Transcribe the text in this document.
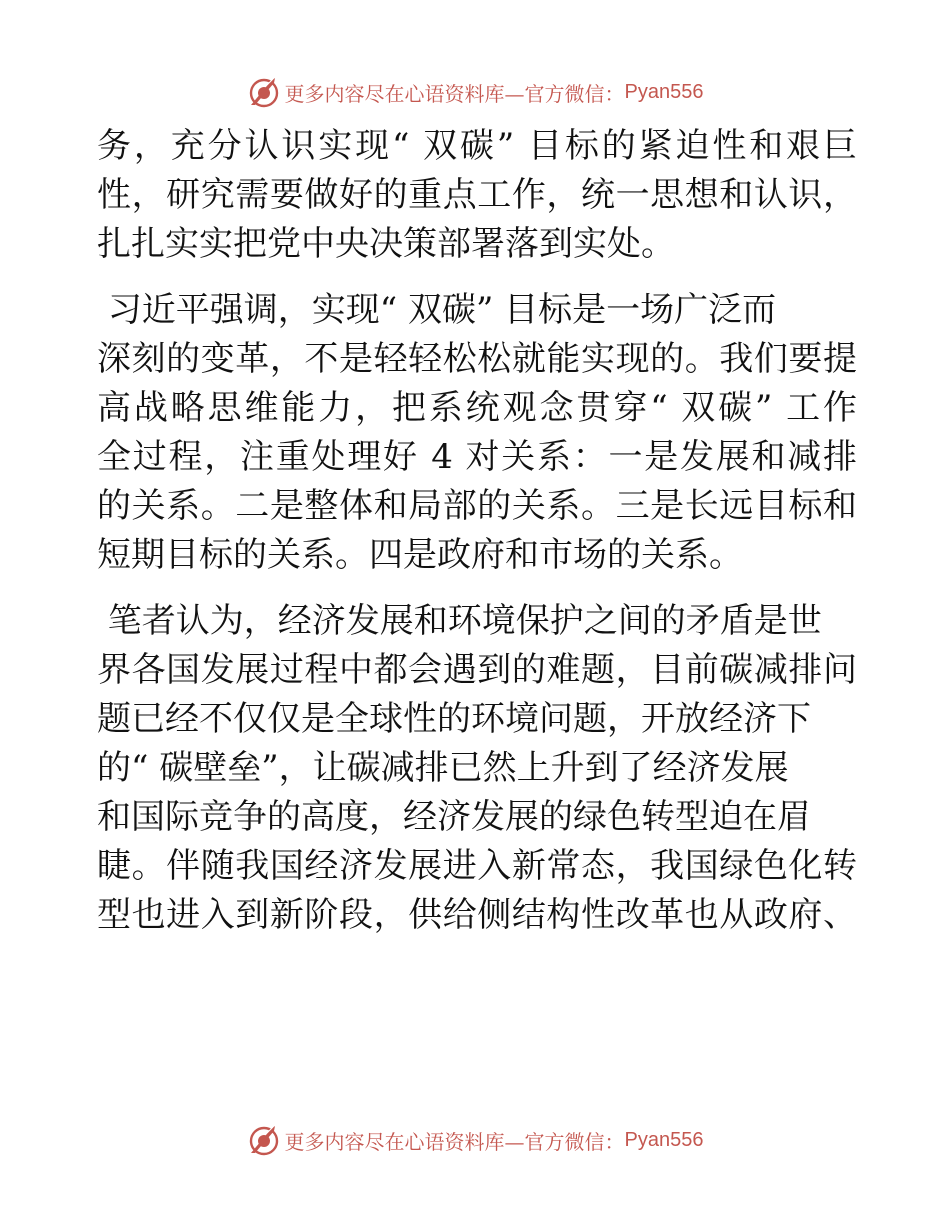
更多内容尽在心语资料库—官方微信： Pyan556
务，充分认识实现“ 双碳” 目标的紧迫性和艰巨
性，研究需要做好的重点工作，统一思想和认识，
扎扎实实把党中央决策部署落到实处。
习近平强调，实现“ 双碳” 目标是一场广泛而
深刻的变革，不是轻轻松松就能实现的。我们要提
高战略思维能力，把系统观念贯穿“ 双碳” 工作
全过程，注重处理好 4 对关系：一是发展和减排
的关系。二是整体和局部的关系。三是长远目标和
短期目标的关系。四是政府和市场的关系。
笔者认为，经济发展和环境保护之间的矛盾是世
界各国发展过程中都会遇到的难题，目前碳减排问
题已经不仅仅是全球性的环境问题，开放经济下
的“ 碳壁垒”，让碳减排已然上升到了经济发展
和国际竞争的高度，经济发展的绿色转型迫在眉
睫。伴随我国经济发展进入新常态，我国绿色化转
型也进入到新阶段，供给侧结构性改革也从政府、
更多内容尽在心语资料库—官方微信： Pyan556
